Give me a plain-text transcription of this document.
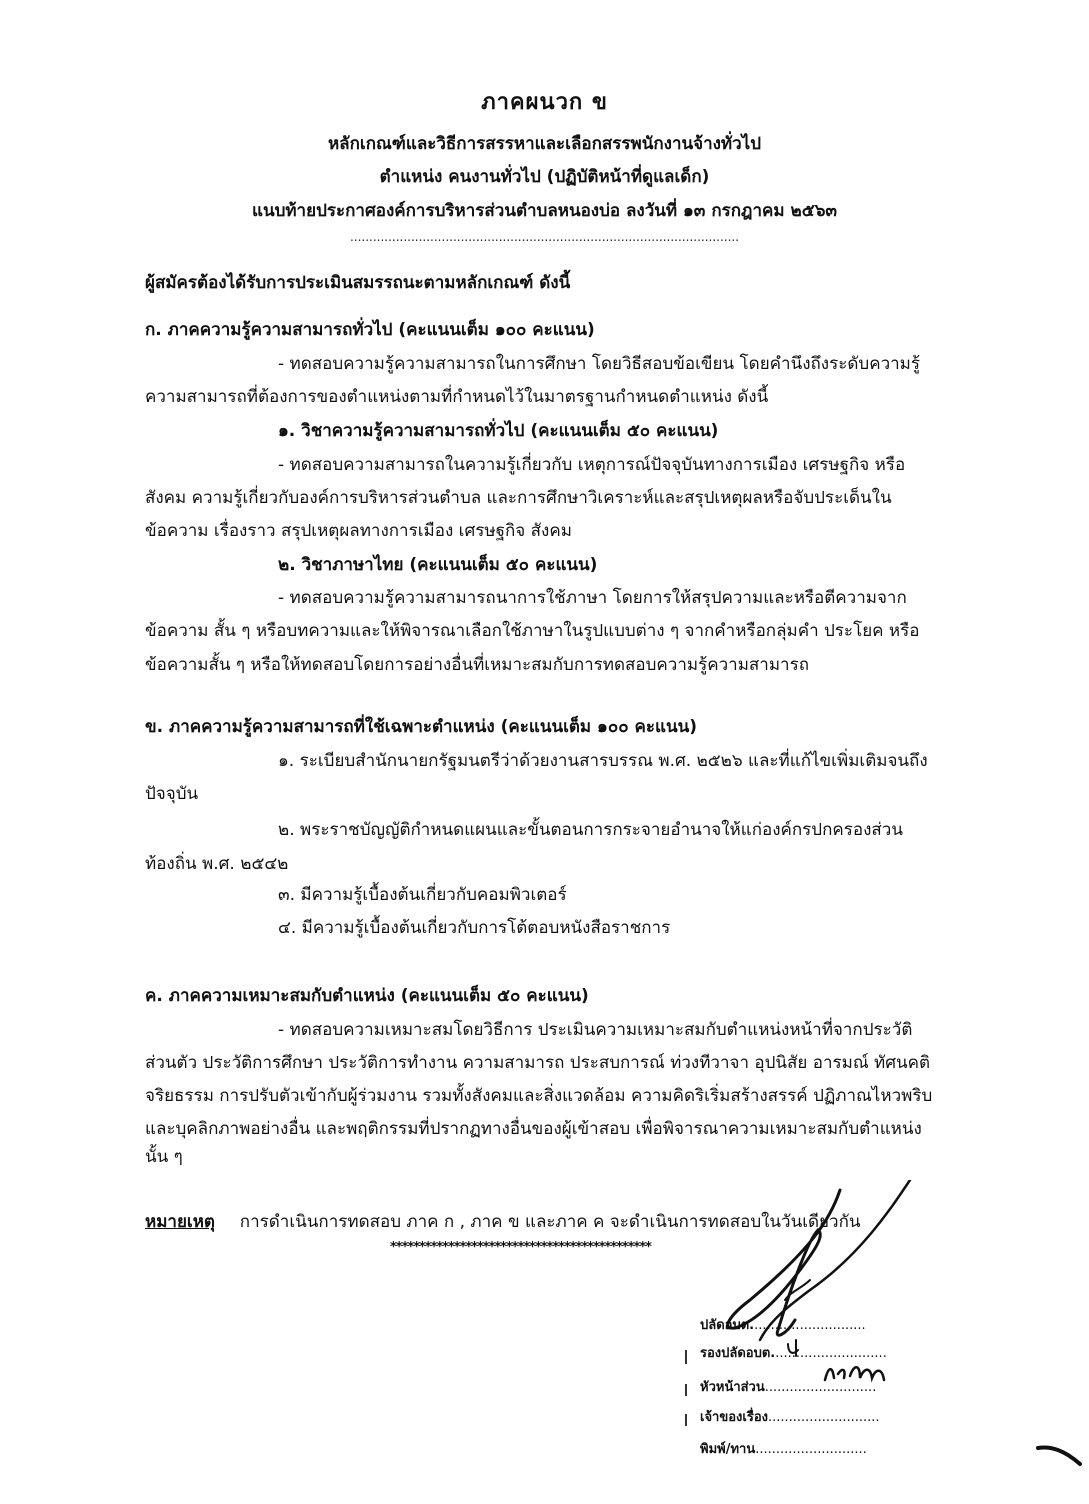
ภาคผนวก ข
หลักเกณฑ์และวิธีการสรรหาและเลือกสรรพนักงานจ้างทั่วไป
ตำแหน่ง คนงานทั่วไป (ปฏิบัติหน้าที่ดูแลเด็ก)
แนบท้ายประกาศองค์การบริหารส่วนตำบลหนองบ่อ ลงวันที่ ๑๓ กรกฎาคม ๒๕๖๓
......................................................................................................
ผู้สมัครต้องได้รับการประเมินสมรรถนะตามหลักเกณฑ์ ดังนี้
ก. ภาคความรู้ความสามารถทั่วไป (คะแนนเต็ม ๑๐๐ คะแนน)
- ทดสอบความรู้ความสามารถในการศึกษา โดยวิธีสอบข้อเขียน โดยคำนึงถึงระดับความรู้
ความสามารถที่ต้องการของตำแหน่งตามที่กำหนดไว้ในมาตรฐานกำหนดตำแหน่ง ดังนี้
๑. วิชาความรู้ความสามารถทั่วไป (คะแนนเต็ม ๕๐ คะแนน)
- ทดสอบความสามารถในความรู้เกี่ยวกับ เหตุการณ์ปัจจุบันทางการเมือง เศรษฐกิจ หรือ
สังคม ความรู้เกี่ยวกับองค์การบริหารส่วนตำบล และการศึกษาวิเคราะห์และสรุปเหตุผลหรือจับประเด็นใน
ข้อความ เรื่องราว สรุปเหตุผลทางการเมือง เศรษฐกิจ สังคม
๒. วิชาภาษาไทย (คะแนนเต็ม ๕๐ คะแนน)
- ทดสอบความรู้ความสามารถนาการใช้ภาษา โดยการให้สรุปความและหรือตีความจาก
ข้อความ สั้น ๆ หรือบทความและให้พิจารณาเลือกใช้ภาษาในรูปแบบต่าง ๆ จากคำหรือกลุ่มคำ ประโยค หรือ
ข้อความสั้น ๆ หรือให้ทดสอบโดยการอย่างอื่นที่เหมาะสมกับการทดสอบความรู้ความสามารถ
ข. ภาคความรู้ความสามารถที่ใช้เฉพาะตำแหน่ง (คะแนนเต็ม ๑๐๐ คะแนน)
๑. ระเบียบสำนักนายกรัฐมนตรีว่าด้วยงานสารบรรณ พ.ศ. ๒๕๒๖ และที่แก้ไขเพิ่มเติมจนถึง
ปัจจุบัน
๒. พระราชบัญญัติกำหนดแผนและขั้นตอนการกระจายอำนาจให้แก่องค์กรปกครองส่วน
ท้องถิ่น พ.ศ. ๒๕๔๒
๓. มีความรู้เบื้องต้นเกี่ยวกับคอมพิวเตอร์
๔. มีความรู้เบื้องต้นเกี่ยวกับการโต้ตอบหนังสือราชการ
ค. ภาคความเหมาะสมกับตำแหน่ง (คะแนนเต็ม ๕๐ คะแนน)
- ทดสอบความเหมาะสมโดยวิธีการ ประเมินความเหมาะสมกับตำแหน่งหน้าที่จากประวัติ
ส่วนตัว ประวัติการศึกษา ประวัติการทำงาน ความสามารถ ประสบการณ์ ท่วงทีวาจา อุปนิสัย อารมณ์ ทัศนคติ
จริยธรรม การปรับตัวเข้ากับผู้ร่วมงาน รวมทั้งสังคมและสิ่งแวดล้อม ความคิดริเริ่มสร้างสรรค์ ปฏิภาณไหวพริบ
และบุคลิกภาพอย่างอื่น และพฤติกรรมที่ปรากฏทางอื่นของผู้เข้าสอบ เพื่อพิจารณาความเหมาะสมกับตำแหน่ง
นั้น ๆ
หมายเหตุ การดำเนินการทดสอบ ภาค ก , ภาค ข และภาค ค จะดำเนินการทดสอบในวันเดียวกัน
*********************************************
ปลัดอบต............................
รองปลัดอบต............................
หัวหน้าส่วน...........................
เจ้าของเรื่อง...........................
พิมพ์/ทาน...........................
